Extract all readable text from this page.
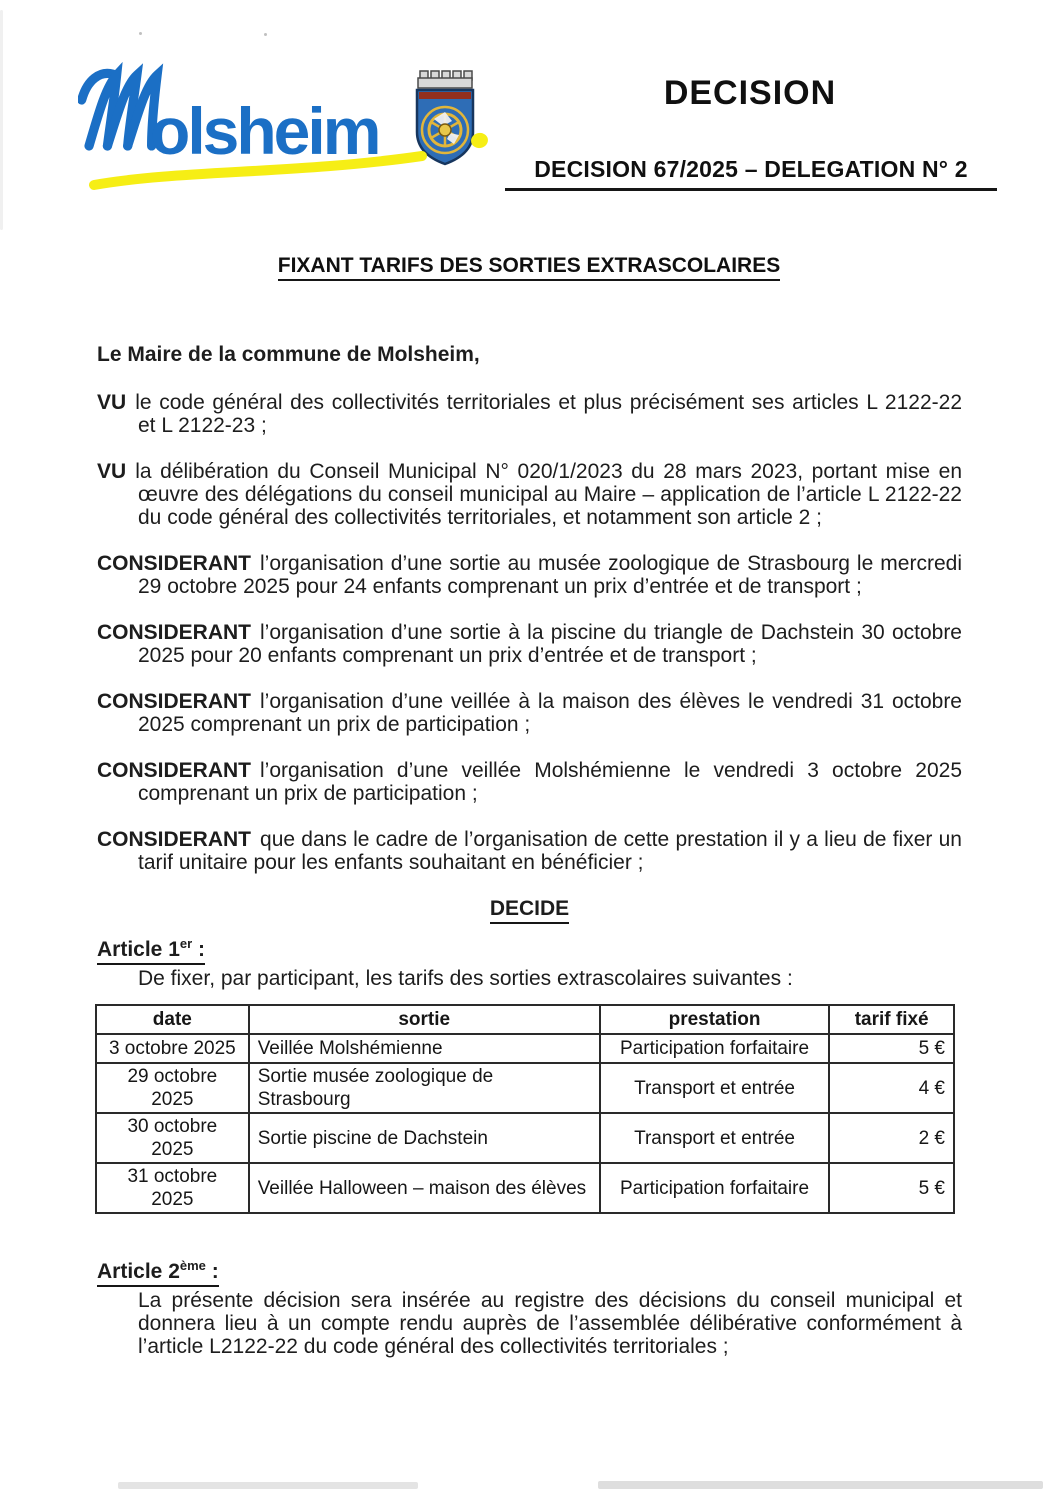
olsheim
DECISION
DECISION 67/2025 – DELEGATION N° 2
FIXANT TARIFS DES SORTIES EXTRASCOLAIRES

Le Maire de la commune de Molsheim,

VU le code général des collectivités territoriales et plus précisément ses articles L 2122-22 et L 2122-23 ;

VU la délibération du Conseil Municipal N° 020/1/2023 du 28 mars 2023, portant mise en œuvre des délégations du conseil municipal au Maire – application de l’article L 2122-22 du code général des collectivités territoriales, et notamment son article 2 ;

CONSIDERANT l’organisation d’une sortie au musée zoologique de Strasbourg le mercredi 29 octobre 2025 pour 24 enfants comprenant un prix d’entrée et de transport ;

CONSIDERANT l’organisation d’une sortie à la piscine du triangle de Dachstein 30 octobre 2025 pour 20 enfants comprenant un prix d’entrée et de transport ;

CONSIDERANT l’organisation d’une veillée à la maison des élèves le vendredi 31 octobre 2025 comprenant un prix de participation ;

CONSIDERANT l’organisation d’une veillée Molshémienne le vendredi 3 octobre 2025 comprenant un prix de participation ;

CONSIDERANT que dans le cadre de l’organisation de cette prestation il y a lieu de fixer un tarif unitaire pour les enfants souhaitant en bénéficier ;

DECIDE

Article 1er :

De fixer, par participant, les tarifs des sorties extrascolaires suivantes :

date	sortie	prestation	tarif fixé
3 octobre 2025	Veillée Molshémienne	Participation forfaitaire	5 €
29 octobre 2025	Sortie musée zoologique de Strasbourg	Transport et entrée	4 €
30 octobre 2025	Sortie piscine de Dachstein	Transport et entrée	2 €
31 octobre 2025	Veillée Halloween – maison des élèves	Participation forfaitaire	5 €

Article 2ème :

La présente décision sera insérée au registre des décisions du conseil municipal et donnera lieu à un compte rendu auprès de l’assemblée délibérative conformément à l’article L2122-22 du code général des collectivités territoriales ;
